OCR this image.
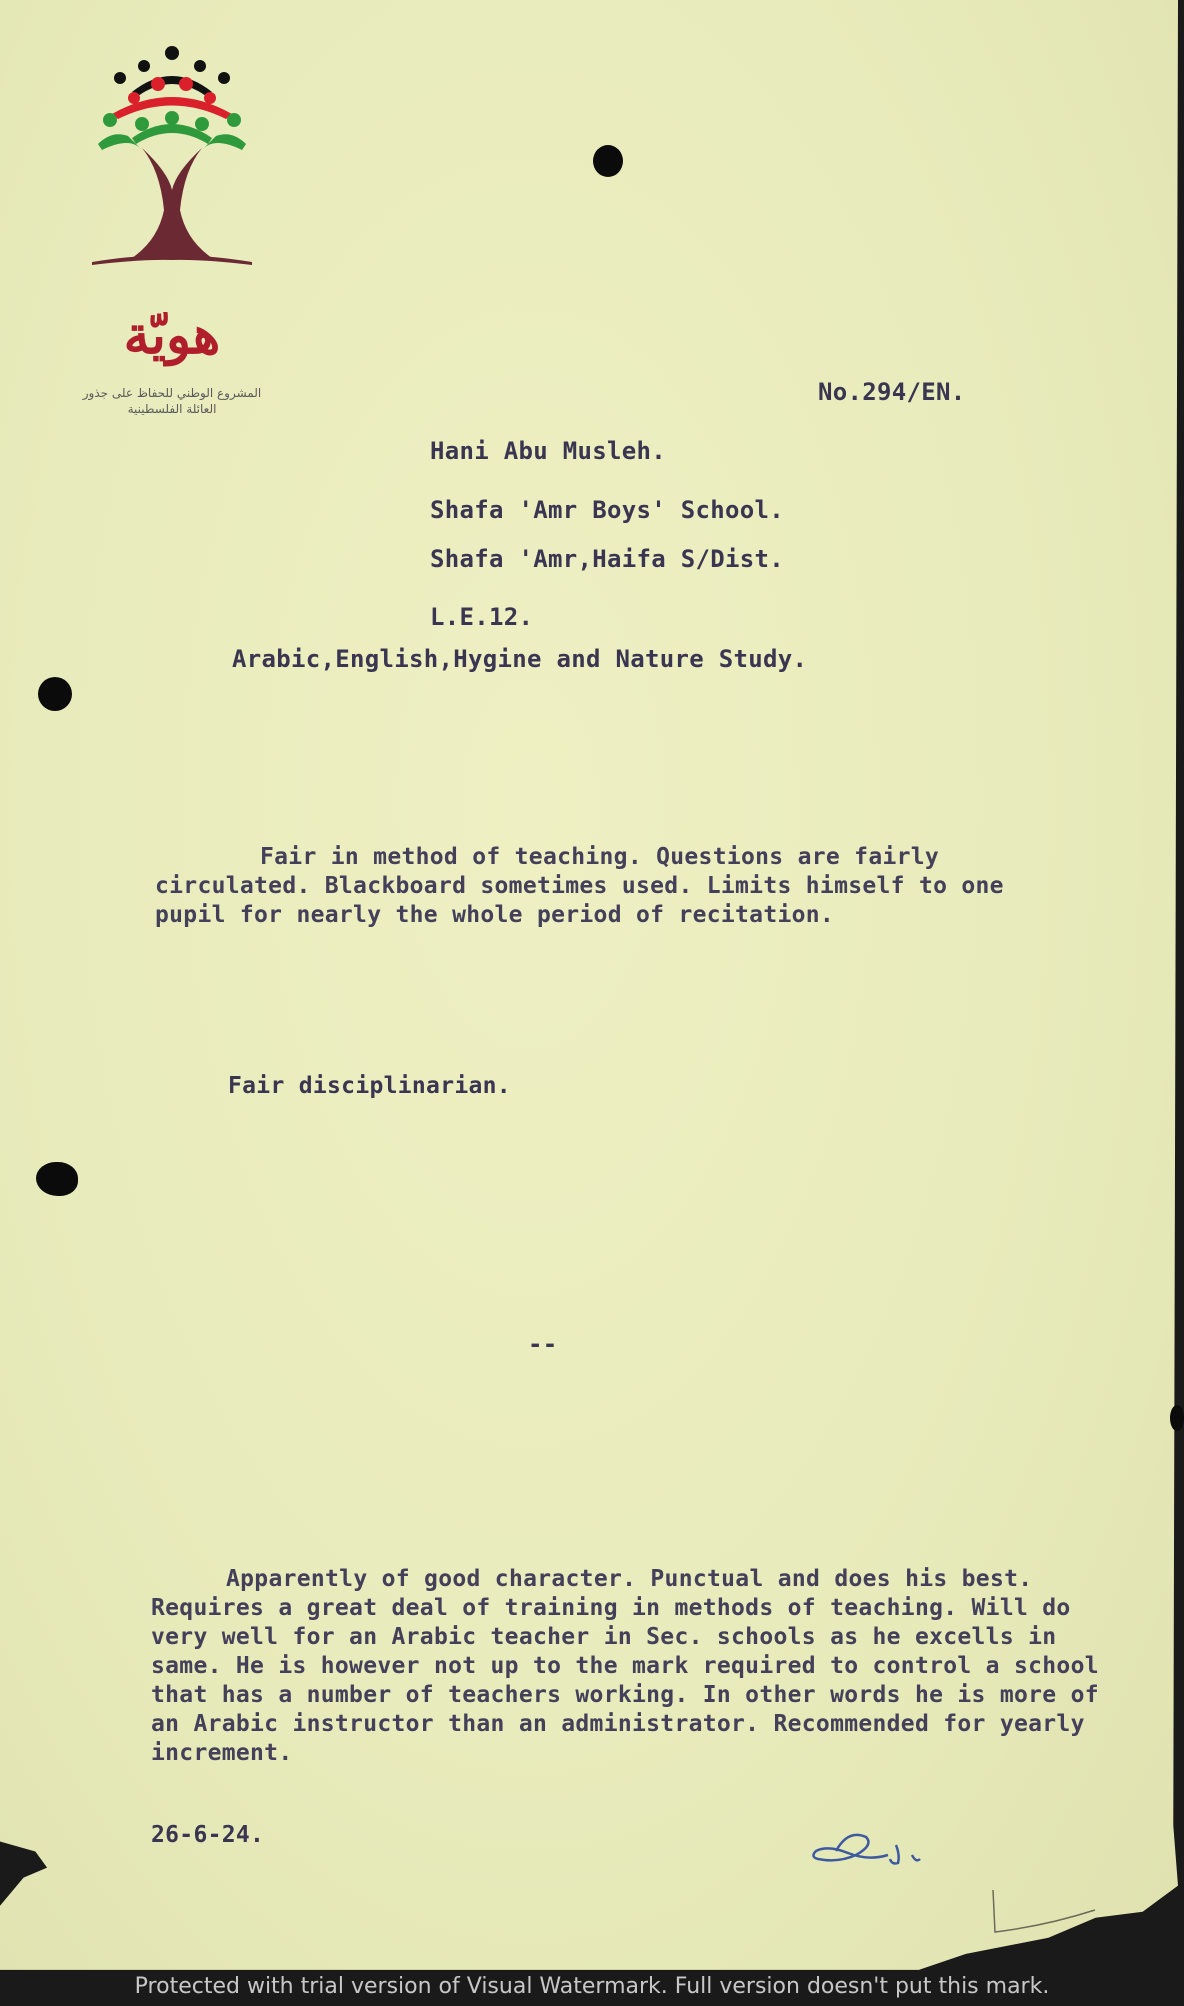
هويّة
المشروع الوطني للحفاظ على جذور العائلة الفلسطينية
No.294/EN.
Hani Abu Musleh.
Shafa 'Amr Boys' School.
Shafa 'Amr,Haifa S/Dist.
L.E.12.
Arabic,English,Hygine and Nature Study.
Fair in method of teaching. Questions are fairly circulated. Blackboard sometimes used. Limits himself to one pupil for nearly the whole period of recitation.
Fair disciplinarian.
--
Apparently of good character. Punctual and does his best. Requires a great deal of training in methods of teaching. Will do very well for an Arabic teacher in Sec. schools as he excells in same. He is however not up to the mark required to control a school that has a number of teachers working. In other words he is more of an Arabic instructor than an administrator. Recommended for yearly increment.
26-6-24.
Protected with trial version of Visual Watermark. Full version doesn't put this mark.
